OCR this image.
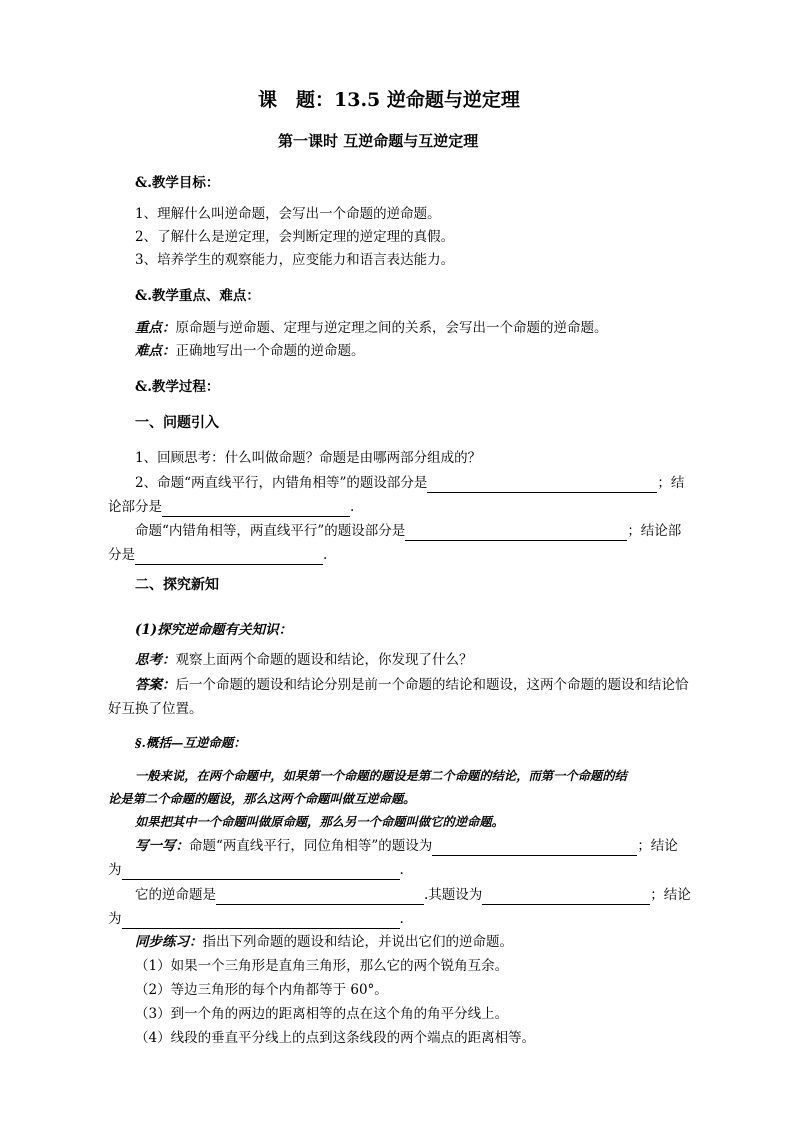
课　题：13.5 逆命题与逆定理
第一课时 互逆命题与互逆定理
&.教学目标：
1、理解什么叫逆命题，会写出一个命题的逆命题。
2、了解什么是逆定理，会判断定理的逆定理的真假。
3、培养学生的观察能力，应变能力和语言表达能力。
&.教学重点、难点：
重点：原命题与逆命题、定理与逆定理之间的关系，会写出一个命题的逆命题。
难点：正确地写出一个命题的逆命题。
&.教学过程：
一、问题引入
1、回顾思考：什么叫做命题？命题是由哪两部分组成的？
2、命题“两直线平行，内错角相等”的题设部分是	；结
论部分是	.
命题“内错角相等，两直线平行”的题设部分是	；结论部
分是	.
二、探究新知
(1)探究逆命题有关知识：
思考：观察上面两个命题的题设和结论，你发现了什么？
答案：后一个命题的题设和结论分别是前一个命题的结论和题设，这两个命题的题设和结论恰
好互换了位置。
§.概括—互逆命题：
一般来说，在两个命题中，如果第一个命题的题设是第二个命题的结论，而第一个命题的结
论是第二个命题的题设，那么这两个命题叫做互逆命题。
如果把其中一个命题叫做原命题，那么另一个命题叫做它的逆命题。
写一写：命题“两直线平行，同位角相等”的题设为	；结论
为	.
它的逆命题是	.其题设为	；结论
为	.
同步练习：指出下列命题的题设和结论，并说出它们的逆命题。
（1）如果一个三角形是直角三角形，那么它的两个锐角互余。
（2）等边三角形的每个内角都等于 60°。
（3）到一个角的两边的距离相等的点在这个角的角平分线上。
（4）线段的垂直平分线上的点到这条线段的两个端点的距离相等。
